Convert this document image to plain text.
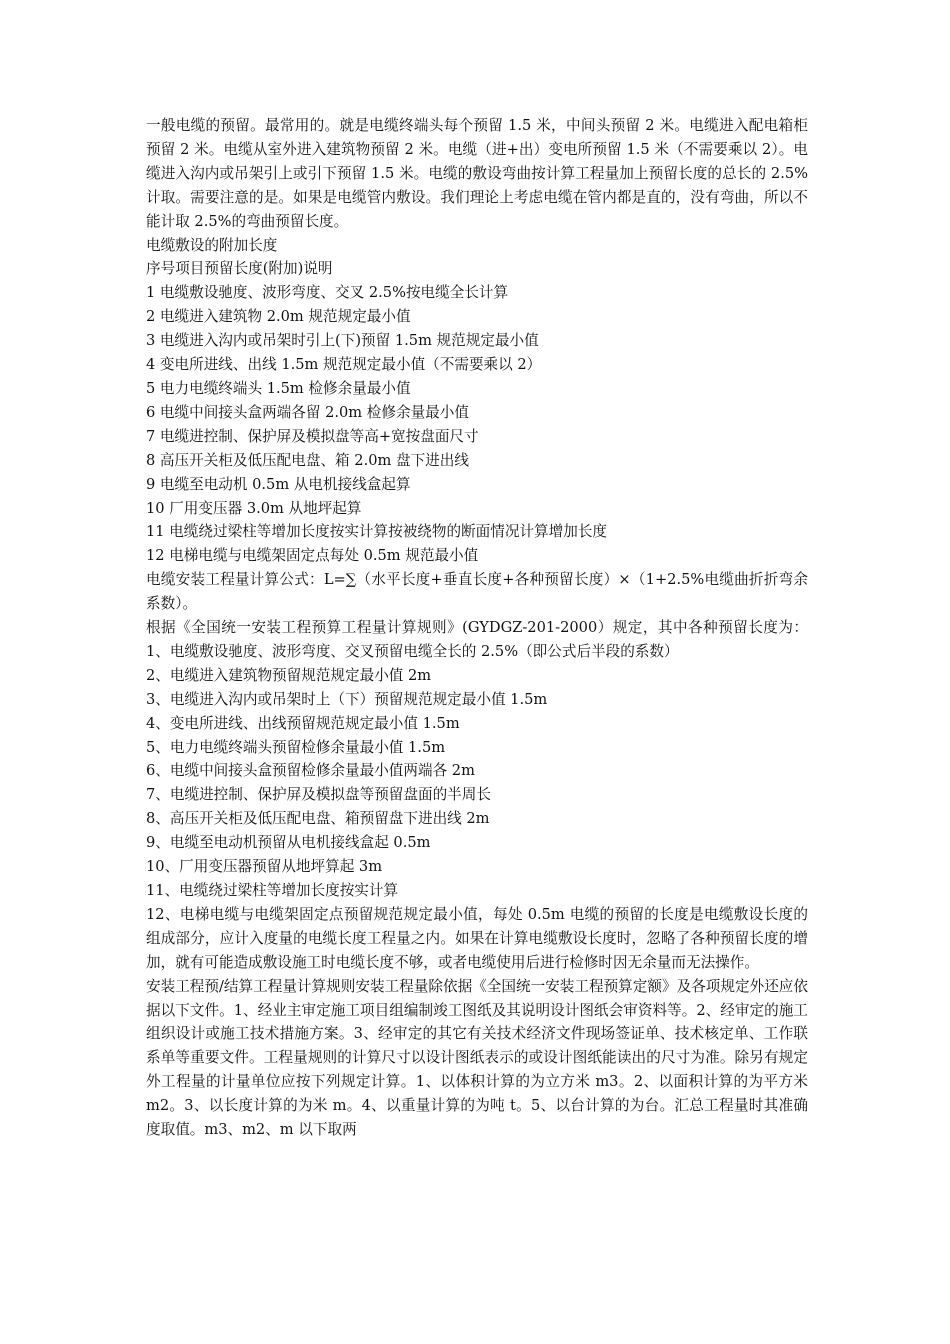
一般电缆的预留。最常用的。就是电缆终端头每个预留 1.5 米，中间头预留 2 米。电缆进入配电箱柜预留 2 米。电缆从室外进入建筑物预留 2 米。电缆（进+出）变电所预留 1.5 米（不需要乘以 2）。电缆进入沟内或吊架引上或引下预留 1.5 米。电缆的敷设弯曲按计算工程量加上预留长度的总长的 2.5%计取。需要注意的是。如果是电缆管内敷设。我们理论上考虑电缆在管内都是直的，没有弯曲，所以不能计取 2.5%的弯曲预留长度。

电缆敷设的附加长度

序号项目预留长度(附加)说明

1 电缆敷设驰度、波形弯度、交叉 2.5%按电缆全长计算

2 电缆进入建筑物 2.0m 规范规定最小值

3 电缆进入沟内或吊架时引上(下)预留 1.5m 规范规定最小值

4 变电所进线、出线 1.5m 规范规定最小值（不需要乘以 2）

5 电力电缆终端头 1.5m 检修余量最小值

6 电缆中间接头盒两端各留 2.0m 检修余量最小值

7 电缆进控制、保护屏及模拟盘等高+宽按盘面尺寸

8 高压开关柜及低压配电盘、箱 2.0m 盘下进出线

9 电缆至电动机 0.5m 从电机接线盒起算

10 厂用变压器 3.0m 从地坪起算

11 电缆绕过梁柱等增加长度按实计算按被绕物的断面情况计算增加长度

12 电梯电缆与电缆架固定点每处 0.5m 规范最小值

电缆安装工程量计算公式：L=∑（水平长度+垂直长度+各种预留长度）×（1+2.5%电缆曲折折弯余系数）。

根据《全国统一安装工程预算工程量计算规则》(GYDGZ-201-2000）规定，其中各种预留长度为：1、电缆敷设驰度、波形弯度、交叉预留电缆全长的 2.5%（即公式后半段的系数）

2、电缆进入建筑物预留规范规定最小值 2m

3、电缆进入沟内或吊架时上（下）预留规范规定最小值 1.5m

4、变电所进线、出线预留规范规定最小值 1.5m

5、电力电缆终端头预留检修余量最小值 1.5m

6、电缆中间接头盒预留检修余量最小值两端各 2m

7、电缆进控制、保护屏及模拟盘等预留盘面的半周长

8、高压开关柜及低压配电盘、箱预留盘下进出线 2m

9、电缆至电动机预留从电机接线盒起 0.5m

10、厂用变压器预留从地坪算起 3m

11、电缆绕过梁柱等增加长度按实计算

12、电梯电缆与电缆架固定点预留规范规定最小值，每处 0.5m 电缆的预留的长度是电缆敷设长度的组成部分，应计入度量的电缆长度工程量之内。如果在计算电缆敷设长度时，忽略了各种预留长度的增加，就有可能造成敷设施工时电缆长度不够，或者电缆使用后进行检修时因无余量而无法操作。

安装工程预/结算工程量计算规则安装工程量除依据《全国统一安装工程预算定额》及各项规定外还应依据以下文件。1、经业主审定施工项目组编制竣工图纸及其说明设计图纸会审资料等。2、经审定的施工组织设计或施工技术措施方案。3、经审定的其它有关技术经济文件现场签证单、技术核定单、工作联系单等重要文件。工程量规则的计算尺寸以设计图纸表示的或设计图纸能读出的尺寸为准。除另有规定外工程量的计量单位应按下列规定计算。1、以体积计算的为立方米 m3。2、以面积计算的为平方米 m2。3、以长度计算的为米 m。4、以重量计算的为吨 t。5、以台计算的为台。汇总工程量时其准确度取值。m3、m2、m 以下取两
